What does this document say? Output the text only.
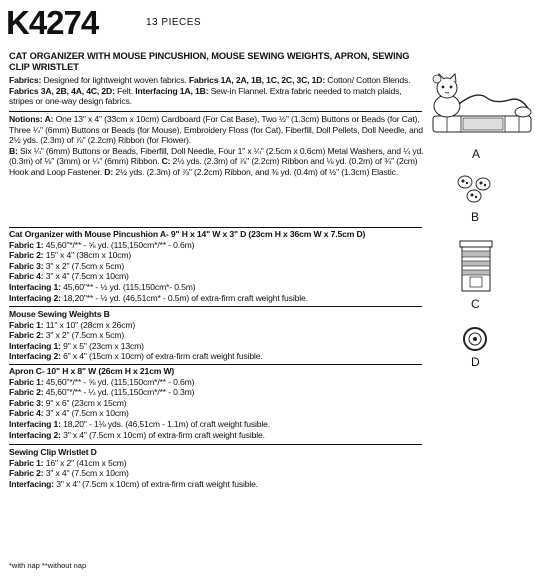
K4274	13 PIECES
CAT ORGANIZER WITH MOUSE PINCUSHION, MOUSE SEWING WEIGHTS, APRON, SEWING CLIP WRISTLET
Fabrics: Designed for lightweight woven fabrics. Fabrics 1A, 2A, 1B, 1C, 2C, 3C, 1D: Cotton/ Cotton Blends. Fabrics 3A, 2B, 4A, 4C, 2D: Felt. Interfacing 1A, 1B: Sew-in Flannel. Extra fabric needed to match plaids, stripes or one-way design fabrics.
Notions: A: One 13" x 4" (33cm x 10cm) Cardboard (For Cat Base), Two ½" (1.3cm) Buttons or Beads (for Cat), Three ¼" (6mm) Buttons or Beads (for Mouse), Embroidery Floss (for Cat), Fiberfill, Doll Pellets, Doll Needle, and 2½ yds. (2.3m) of ⅞" (2.2cm) Ribbon (for Flower).
B: Six ¼" (6mm) Buttons or Beads, Fiberfill, Doll Needle, Four 1" x ¼" (2.5cm x 0.6cm) Metal Washers, and ¼ yd. (0.3m) of ⅛" (3mm) or ¼" (6mm) Ribbon. C: 2½ yds. (2.3m) of ⅞" (2.2cm) Ribbon and ⅛ yd. (0.2m) of ¾" (2cm) Hook and Loop Fastener. D: 2½ yds. (2.3m) of ⅞" (2.2cm) Ribbon, and ⅜ yd. (0.4m) of ½" (1.3cm) Elastic.
Cat Organizer with Mouse Pincushion A- 9" H x 14" W x 3" D (23cm H x 36cm W x 7.5cm D)
Fabric 1: 45,60"*/** - ⅝ yd. (115,150cm*/** - 0.6m)
Fabric 2: 15" x 4" (38cm x 10cm)
Fabric 3: 3" x 2" (7.5cm x 5cm)
Fabric 4: 3" x 4" (7.5cm x 10cm)
Interfacing 1: 45,60"** - ½ yd. (115,150cm*- 0.5m)
Interfacing 2: 18,20"** - ½ yd. (46,51cm* - 0.5m) of extra-firm craft weight fusible.
Mouse Sewing Weights B
Fabric 1: 11" x 10" (28cm x 26cm)
Fabric 2: 3" x 2" (7.5cm x 5cm)
Interfacing 1: 9" x 5" (23cm x 13cm)
Interfacing 2: 6" x 4" (15cm x 10cm) of extra-firm craft weight fusible.
Apron C- 10" H x 8" W (26cm H x 21cm W)
Fabric 1: 45,60"*/** - ⅝ yd. (115,150cm*/** - 0.6m)
Fabric 2: 45,60"*/** - ¼ yd. (115,150cm*/** - 0.3m)
Fabric 3: 9" x 6" (23cm x 15cm)
Fabric 4: 3" x 4" (7.5cm x 10cm)
Interfacing 1: 18,20" - 1⅛ yds. (46,51cm - 1.1m) of craft weight fusible.
Interfacing 2: 3" x 4" (7.5cm x 10cm) of extra-firm craft weight fusible.
Sewing Clip Wristlet D
Fabric 1: 16" x 2" (41cm x 5cm)
Fabric 2: 3" x 4" (7.5cm x 10cm)
Interfacing: 3" x 4" (7.5cm x 10cm) of extra-firm craft weight fusible.
*with nap **without nap
A
B
C
D
